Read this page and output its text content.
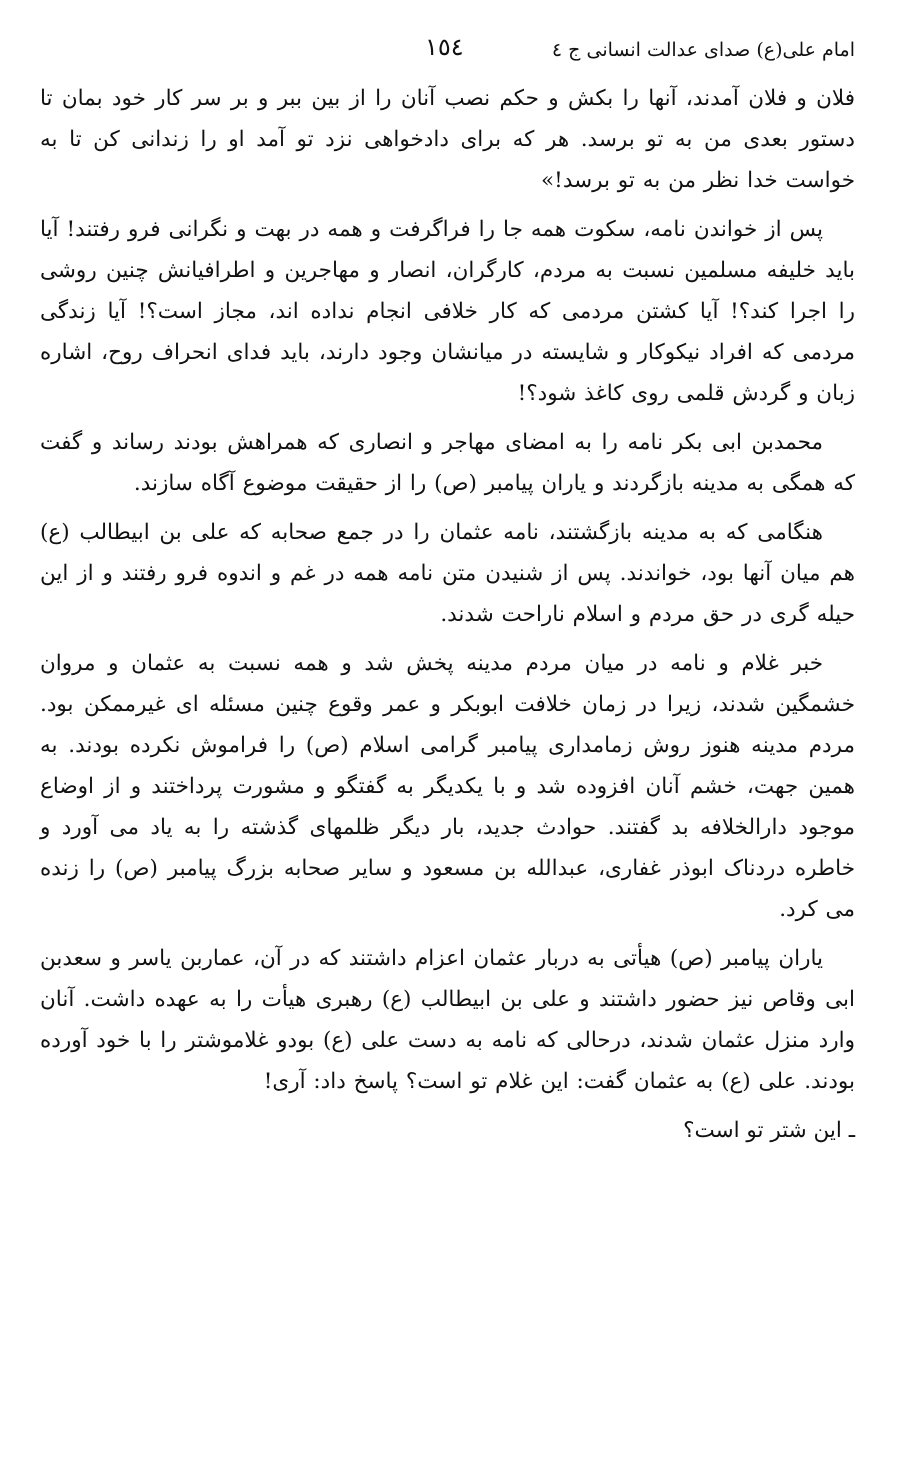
امام علی(ع) صدای عدالت انسانی ج ٤
١٥٤

فلان و فلان آمدند، آنها را بکش و حکم نصب آنان را از بین ببر و بر سر کار خود بمان تا دستور بعدی من به تو برسد. هر که برای دادخواهی نزد تو آمد او را زندانی کن تا به خواست خدا نظر من به تو برسد!»

پس از خواندن نامه، سکوت همه جا را فراگرفت و همه در بهت و نگرانی فرو رفتند! آیا باید خلیفه مسلمین نسبت به مردم، کارگران، انصار و مهاجرین و اطرافیانش چنین روشی را اجرا کند؟! آیا کشتن مردمی که کار خلافی انجام نداده اند، مجاز است؟! آیا زندگی مردمی که افراد نیکوکار و شایسته در میانشان وجود دارند، باید فدای انحراف روح، اشاره زبان و گردش قلمی روی کاغذ شود؟!

محمدبن ابی بکر نامه را به امضای مهاجر و انصاری که همراهش بودند رساند و گفت که همگی به مدینه بازگردند و یاران پیامبر (ص) را از حقیقت موضوع آگاه سازند.

هنگامی که به مدینه بازگشتند، نامه عثمان را در جمع صحابه که علی بن ابیطالب (ع) هم میان آنها بود، خواندند. پس از شنیدن متن نامه همه در غم و اندوه فرو رفتند و از این حیله گری در حق مردم و اسلام ناراحت شدند.

خبر غلام و نامه در میان مردم مدینه پخش شد و همه نسبت به عثمان و مروان خشمگین شدند، زیرا در زمان خلافت ابوبکر و عمر وقوع چنین مسئله ای غیرممکن بود. مردم مدینه هنوز روش زمامداری پیامبر گرامی اسلام (ص) را فراموش نکرده بودند. به همین جهت، خشم آنان افزوده شد و با یکدیگر به گفتگو و مشورت پرداختند و از اوضاع موجود دارالخلافه بد گفتند. حوادث جدید، بار دیگر ظلمهای گذشته را به یاد می آورد و خاطره دردناک ابوذر غفاری، عبدالله بن مسعود و سایر صحابه بزرگ پیامبر (ص) را زنده می کرد.

یاران پیامبر (ص) هیأتی به دربار عثمان اعزام داشتند که در آن، عماربن یاسر و سعدبن ابی وقاص نیز حضور داشتند و علی بن ابیطالب (ع) رهبری هیأت را به عهده داشت. آنان وارد منزل عثمان شدند، درحالی که نامه به دست علی (ع) بودو غلاموشتر را با خود آورده بودند. علی (ع) به عثمان گفت: این غلام تو است؟ پاسخ داد: آری!

ـ این شتر تو است؟
